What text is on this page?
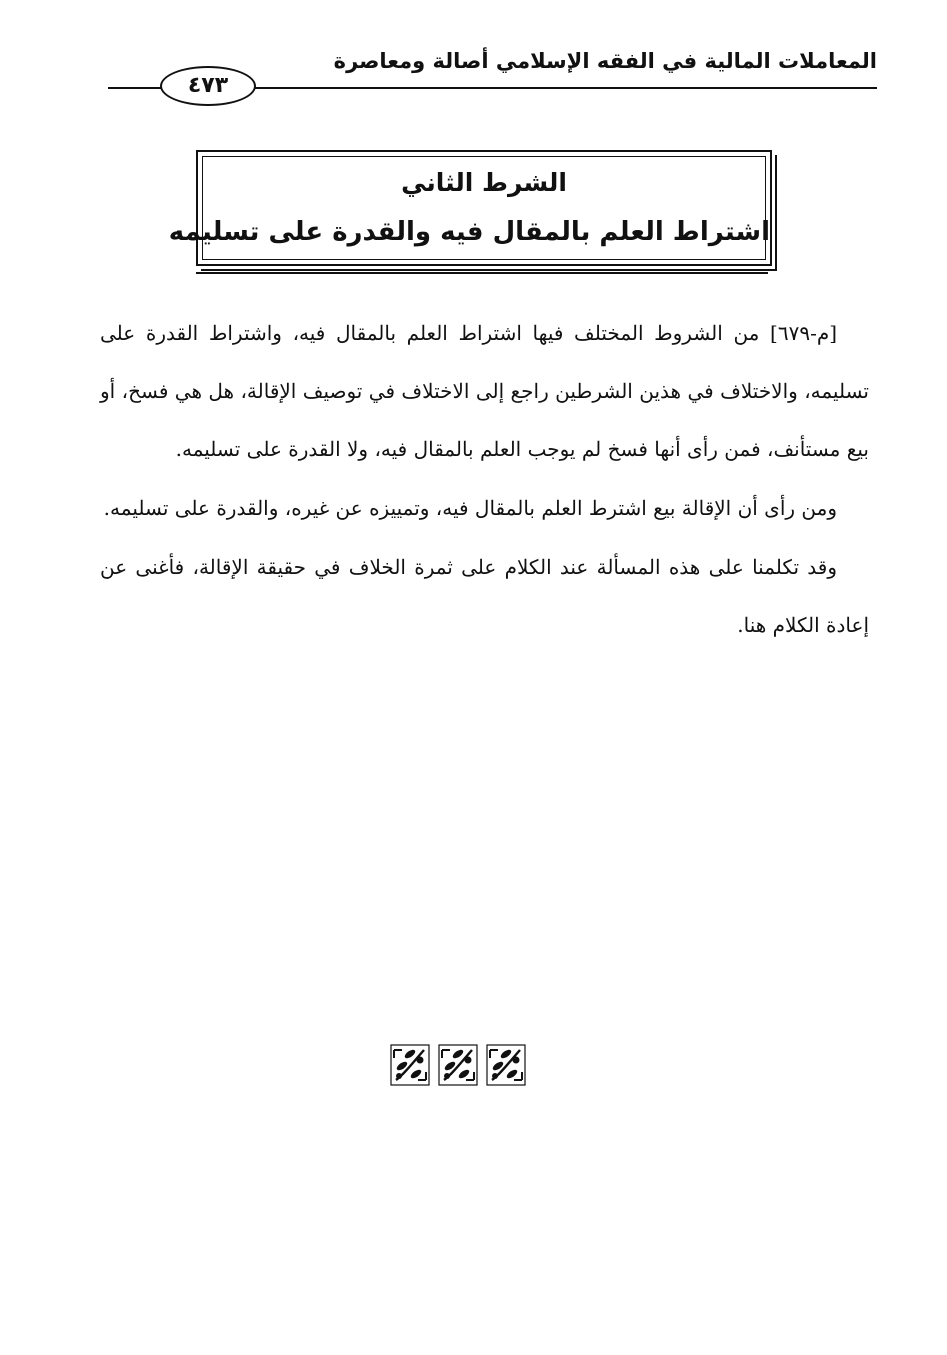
المعاملات المالية في الفقه الإسلامي أصالة ومعاصرة
٤٧٣
الشرط الثاني
اشتراط العلم بالمقال فيه والقدرة على تسليمه

[م-٦٧٩] من الشروط المختلف فيها اشتراط العلم بالمقال فيه، واشتراط القدرة على تسليمه، والاختلاف في هذين الشرطين راجع إلى الاختلاف في توصيف الإقالة، هل هي فسخ، أو بيع مستأنف، فمن رأى أنها فسخ لم يوجب العلم بالمقال فيه، ولا القدرة على تسليمه.

ومن رأى أن الإقالة بيع اشترط العلم بالمقال فيه، وتمييزه عن غيره، والقدرة على تسليمه.

وقد تكلمنا على هذه المسألة عند الكلام على ثمرة الخلاف في حقيقة الإقالة، فأغنى عن إعادة الكلام هنا.
